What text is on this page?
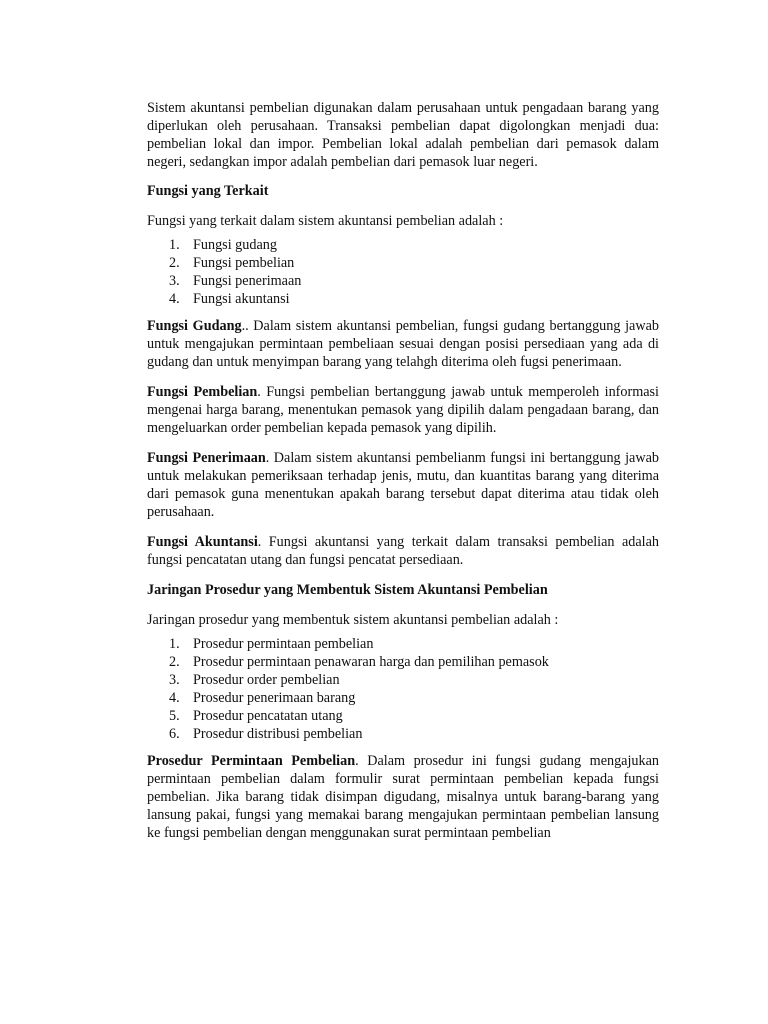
Sistem akuntansi pembelian digunakan dalam perusahaan untuk pengadaan barang yang diperlukan oleh perusahaan. Transaksi pembelian dapat digolongkan menjadi dua: pembelian lokal dan impor. Pembelian lokal adalah pembelian dari pemasok dalam negeri, sedangkan impor adalah pembelian dari pemasok luar negeri.

Fungsi yang Terkait

Fungsi yang terkait dalam sistem akuntansi pembelian adalah :

1. Fungsi gudang
2. Fungsi pembelian
3. Fungsi penerimaan
4. Fungsi akuntansi

Fungsi Gudang.. Dalam sistem akuntansi pembelian, fungsi gudang bertanggung jawab untuk mengajukan permintaan pembeliaan sesuai dengan posisi persediaan yang ada di gudang dan untuk menyimpan barang yang telahgh diterima oleh fugsi penerimaan.

Fungsi Pembelian. Fungsi pembelian bertanggung jawab untuk memperoleh informasi mengenai harga barang, menentukan pemasok yang dipilih dalam pengadaan barang, dan mengeluarkan order pembelian kepada pemasok yang dipilih.

Fungsi Penerimaan. Dalam sistem akuntansi pembelianm fungsi ini bertanggung jawab untuk melakukan pemeriksaan terhadap jenis, mutu, dan kuantitas barang yang diterima dari pemasok guna menentukan apakah barang tersebut dapat diterima atau tidak oleh perusahaan.

Fungsi Akuntansi. Fungsi akuntansi yang terkait dalam transaksi pembelian adalah fungsi pencatatan utang dan fungsi pencatat persediaan.

Jaringan Prosedur yang Membentuk Sistem Akuntansi Pembelian

Jaringan prosedur yang membentuk sistem akuntansi pembelian adalah :

1. Prosedur permintaan pembelian
2. Prosedur permintaan penawaran harga dan pemilihan pemasok
3. Prosedur order pembelian
4. Prosedur penerimaan barang
5. Prosedur pencatatan utang
6. Prosedur distribusi pembelian

Prosedur Permintaan Pembelian. Dalam prosedur ini fungsi gudang mengajukan permintaan pembelian dalam formulir surat permintaan pembelian kepada fungsi pembelian. Jika barang tidak disimpan digudang, misalnya untuk barang-barang yang lansung pakai, fungsi yang memakai barang mengajukan permintaan pembelian lansung ke fungsi pembelian dengan menggunakan surat permintaan pembelian
